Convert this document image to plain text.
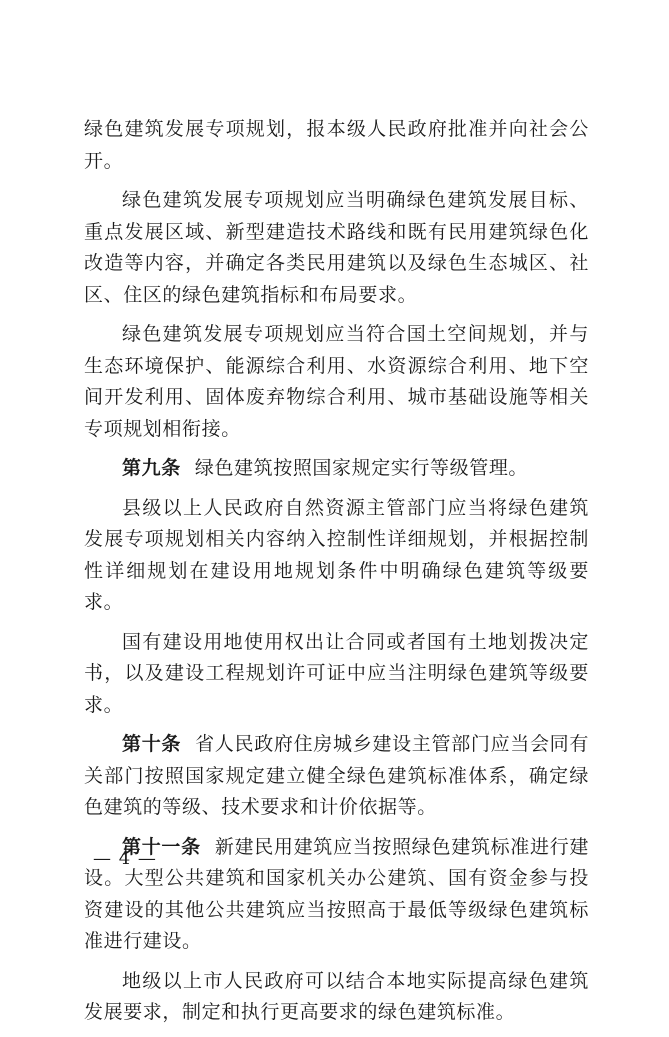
绿色建筑发展专项规划，报本级人民政府批准并向社会公开。

绿色建筑发展专项规划应当明确绿色建筑发展目标、重点发展区域、新型建造技术路线和既有民用建筑绿色化改造等内容，并确定各类民用建筑以及绿色生态城区、社区、住区的绿色建筑指标和布局要求。

绿色建筑发展专项规划应当符合国土空间规划，并与生态环境保护、能源综合利用、水资源综合利用、地下空间开发利用、固体废弃物综合利用、城市基础设施等相关专项规划相衔接。

第九条 绿色建筑按照国家规定实行等级管理。

县级以上人民政府自然资源主管部门应当将绿色建筑发展专项规划相关内容纳入控制性详细规划，并根据控制性详细规划在建设用地规划条件中明确绿色建筑等级要求。

国有建设用地使用权出让合同或者国有土地划拨决定书，以及建设工程规划许可证中应当注明绿色建筑等级要求。

第十条 省人民政府住房城乡建设主管部门应当会同有关部门按照国家规定建立健全绿色建筑标准体系，确定绿色建筑的等级、技术要求和计价依据等。

第十一条 新建民用建筑应当按照绿色建筑标准进行建设。大型公共建筑和国家机关办公建筑、国有资金参与投资建设的其他公共建筑应当按照高于最低等级绿色建筑标准进行建设。

地级以上市人民政府可以结合本地实际提高绿色建筑发展要求，制定和执行更高要求的绿色建筑标准。

— 4 —
